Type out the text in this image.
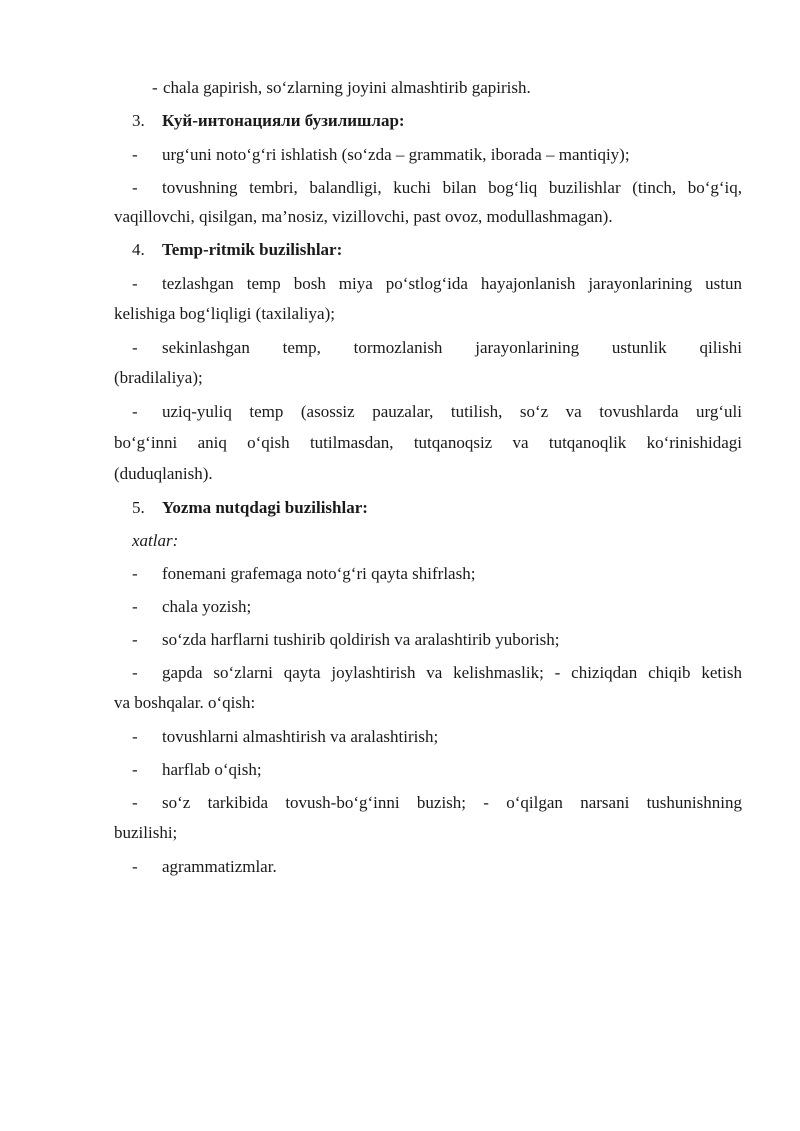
- chala gapirish, so‘zlarning joyini almashtirib gapirish.
3. Куй-интонацияли бузилишлар:
- urg‘uni noto‘g‘ri ishlatish (so‘zda – grammatik, iborada – mantiqiy);
- tovushning tembri, balandligi, kuchi bilan bog‘liq buzilishlar (tinch, bo‘g‘iq,
vaqillovchi, qisilgan, ma’nosiz, vizillovchi, past ovoz, modullashmagan).
4. Temp-ritmik buzilishlar:
- tezlashgan temp bosh miya po‘stlog‘ida hayajonlanish jarayonlarining ustun
kelishiga bog‘liqligi (taxilaliya);
- sekinlashgan temp, tormozlanish jarayonlarining ustunlik qilishi
(bradilaliya);
- uziq-yuliq temp (asossiz pauzalar, tutilish, so‘z va tovushlarda urg‘uli
bo‘g‘inni aniq o‘qish tutilmasdan, tutqanoqsiz va tutqanoqlik ko‘rinishidagi
(duduqlanish).
5. Yozma nutqdagi buzilishlar:
xatlar:
- fonemani grafemaga noto‘g‘ri qayta shifrlash;
- chala yozish;
- so‘zda harflarni tushirib qoldirish va aralashtirib yuborish;
- gapda so‘zlarni qayta joylashtirish va kelishmaslik; - chiziqdan chiqib ketish
va boshqalar. o‘qish:
- tovushlarni almashtirish va aralashtirish;
- harflab o‘qish;
- so‘z tarkibida tovush-bo‘g‘inni buzish; - o‘qilgan narsani tushunishning
buzilishi;
- agrammatizmlar.
